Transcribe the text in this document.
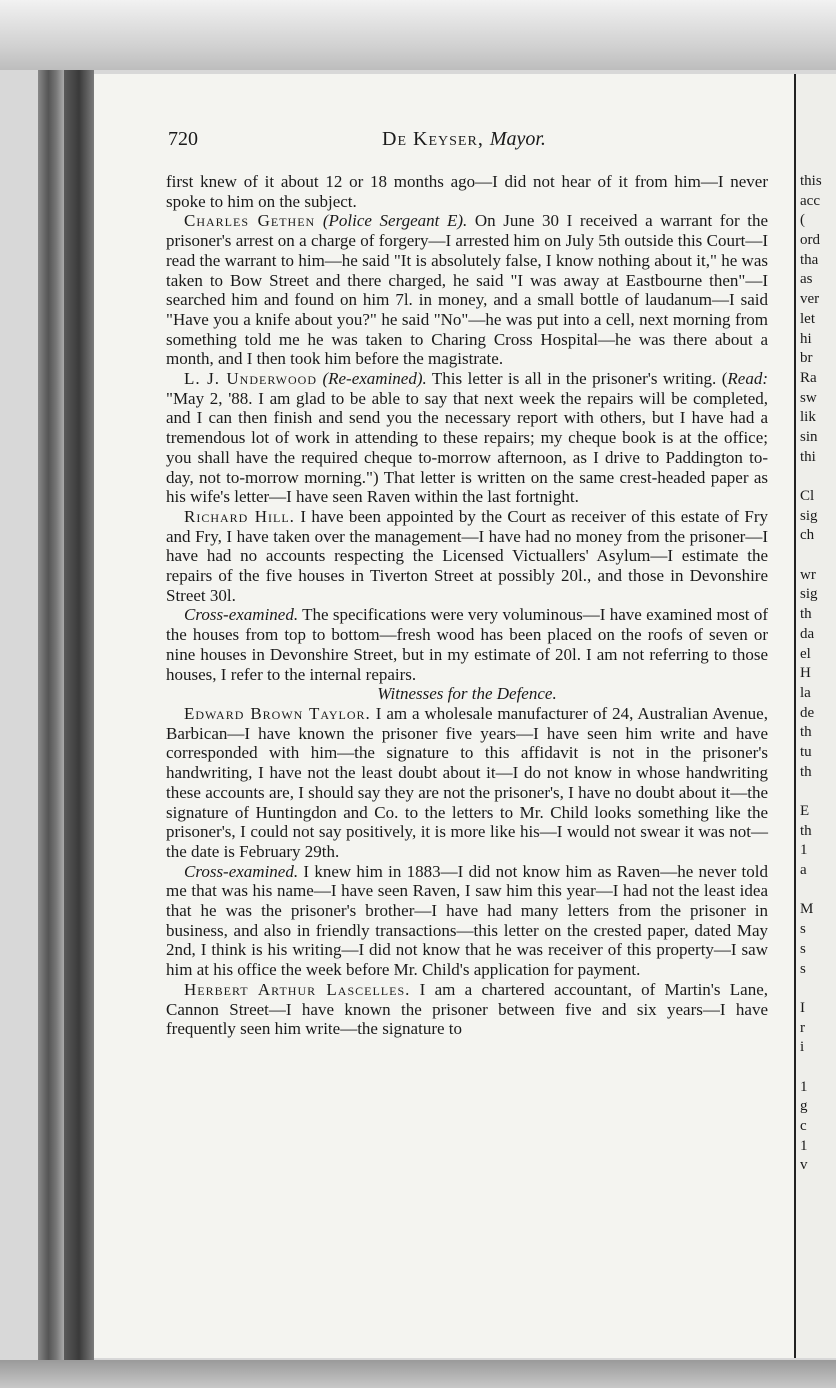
720	De Keyser, Mayor.

first knew of it about 12 or 18 months ago—I did not hear of it from him—I never spoke to him on the subject.

Charles Gethen (Police Sergeant E). On June 30 I received a warrant for the prisoner's arrest on a charge of forgery—I arrested him on July 5th outside this Court—I read the warrant to him—he said "It is absolutely false, I know nothing about it," he was taken to Bow Street and there charged, he said "I was away at Eastbourne then"—I searched him and found on him 7l. in money, and a small bottle of laudanum—I said "Have you a knife about you?" he said "No"—he was put into a cell, next morning from something told me he was taken to Charing Cross Hospital—he was there about a month, and I then took him before the magistrate.

L. J. Underwood (Re-examined). This letter is all in the prisoner's writing. (Read: "May 2, '88. I am glad to be able to say that next week the repairs will be completed, and I can then finish and send you the necessary report with others, but I have had a tremendous lot of work in attending to these repairs; my cheque book is at the office; you shall have the required cheque to-morrow afternoon, as I drive to Paddington to-day, not to-morrow morning.") That letter is written on the same crest-headed paper as his wife's letter—I have seen Raven within the last fortnight.

Richard Hill. I have been appointed by the Court as receiver of this estate of Fry and Fry, I have taken over the management—I have had no money from the prisoner—I have had no accounts respecting the Licensed Victuallers' Asylum—I estimate the repairs of the five houses in Tiverton Street at possibly 20l., and those in Devonshire Street 30l.

Cross-examined. The specifications were very voluminous—I have examined most of the houses from top to bottom—fresh wood has been placed on the roofs of seven or nine houses in Devonshire Street, but in my estimate of 20l. I am not referring to those houses, I refer to the internal repairs.

Witnesses for the Defence.

Edward Brown Taylor. I am a wholesale manufacturer of 24, Australian Avenue, Barbican—I have known the prisoner five years—I have seen him write and have corresponded with him—the signature to this affidavit is not in the prisoner's handwriting, I have not the least doubt about it—I do not know in whose handwriting these accounts are, I should say they are not the prisoner's, I have no doubt about it—the signature of Huntingdon and Co. to the letters to Mr. Child looks something like the prisoner's, I could not say positively, it is more like his—I would not swear it was not—the date is February 29th.

Cross-examined. I knew him in 1883—I did not know him as Raven—he never told me that was his name—I have seen Raven, I saw him this year—I had not the least idea that he was the prisoner's brother—I have had many letters from the prisoner in business, and also in friendly transactions—this letter on the crested paper, dated May 2nd, I think is his writing—I did not know that he was receiver of this property—I saw him at his office the week before Mr. Child's application for payment.

Herbert Arthur Lascelles. I am a chartered accountant, of Martin's Lane, Cannon Street—I have known the prisoner between five and six years—I have frequently seen him write—the signature to

this
acc
(
ord
tha
as
ver
let
hi
br
Ra
sw
lik
sin
thi
Cl
sig
ch
wr
sig
th
da
el
H
la
de
th
tu
th
E
th
1
a
M
s
s
s
I
r
i
1
g
c
1
v
